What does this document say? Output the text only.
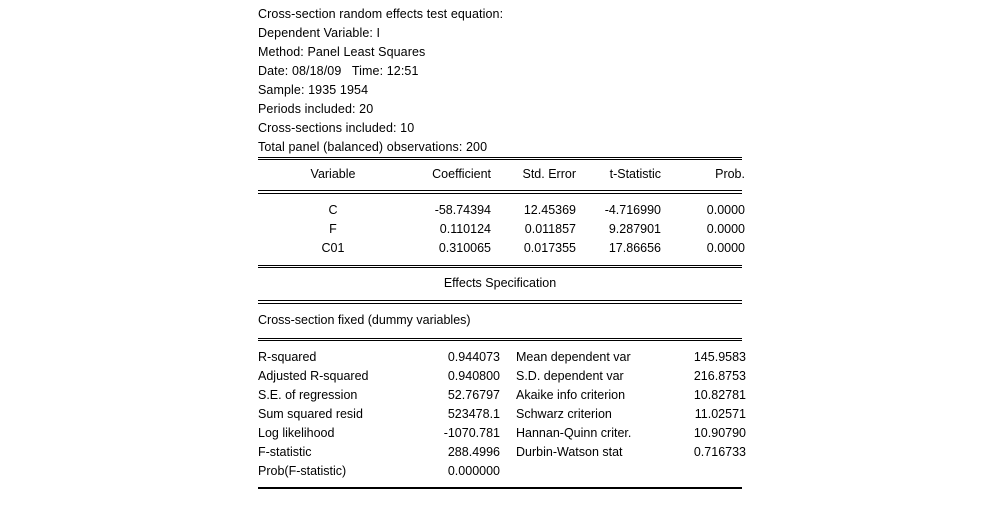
Cross-section random effects test equation:
Dependent Variable: I
Method: Panel Least Squares
Date: 08/18/09   Time: 12:51
Sample: 1935 1954
Periods included: 20
Cross-sections included: 10
Total panel (balanced) observations: 200
Variable	Coefficient	Std. Error	t-Statistic	Prob.
C	-58.74394	12.45369	-4.716990	0.0000
F	0.110124	0.011857	9.287901	0.0000
C01	0.310065	0.017355	17.86656	0.0000
Effects Specification
Cross-section fixed (dummy variables)
R-squared	0.944073		Mean dependent var	145.9583
Adjusted R-squared	0.940800		S.D. dependent var	216.8753
S.E. of regression	52.76797		Akaike info criterion	10.82781
Sum squared resid	523478.1		Schwarz criterion	11.02571
Log likelihood	-1070.781		Hannan-Quinn criter.	10.90790
F-statistic	288.4996		Durbin-Watson stat	0.716733
Prob(F-statistic)	0.000000			
